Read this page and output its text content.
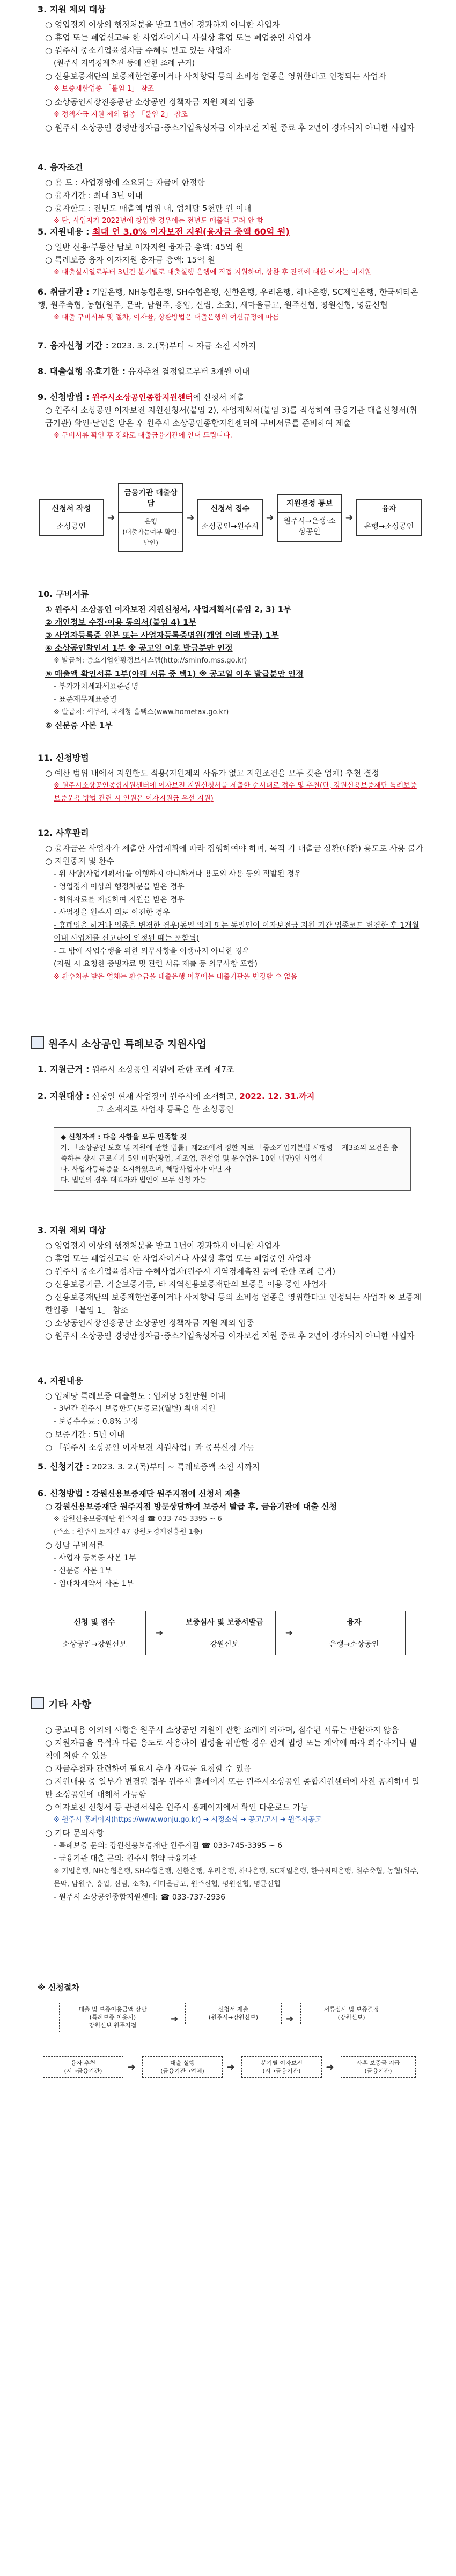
3. 지원 제외 대상
○ 영업정지 이상의 행정처분을 받고 1년이 경과하지 아니한 사업자
○ 휴업 또는 폐업신고를 한 사업자이거나 사실상 휴업 또는 폐업중인 사업자
○ 원주시 중소기업육성자금 수혜를 받고 있는 사업자
(원주시 지역경제촉진 등에 관한 조례 근거)
○ 신용보증재단의 보증제한업종이거나 사치향락 등의 소비성 업종을 영위한다고 인정되는 사업자
※ 보증제한업종 「붙임 1」 참조
○ 소상공인시장진흥공단 소상공인 정책자금 지원 제외 업종
※ 정책자금 지원 제외 업종 「붙임 2」 참조
○ 원주시 소상공인 경영안정자금·중소기업육성자금 이자보전 지원 종료 후 2년이 경과되지 아니한 사업자
4. 융자조건
○ 용 도 : 사업경영에 소요되는 자금에 한정함
○ 융자기간 : 최대 3년 이내
○ 융자한도 : 전년도 매출액 범위 내, 업체당 5천만 원 이내
※ 단, 사업자가 2022년에 창업한 경우에는 전년도 매출액 고려 안 함
5. 지원내용 : 최대 연 3.0% 이자보전 지원(융자금 총액 60억 원)
○ 일반 신용·부동산 담보 이자지원 융자금 총액: 45억 원
○ 특례보증 융자 이자지원 융자금 총액: 15억 원
※ 대출실시일로부터 3년간 분기별로 대출실행 은행에 직접 지원하며, 상환 후 잔액에 대한 이자는 미지원
6. 취급기관 : 기업은행, NH농협은행, SH수협은행, 신한은행, 우리은행, 하나은행, SC제일은행, 한국씨티은행, 원주축협, 농협(원주, 문막, 남원주, 흥업, 신림, 소초), 새마을금고, 원주신협, 평원신협, 명륜신협
※ 대출 구비서류 및 절차, 이자율, 상환방법은 대출은행의 여신규정에 따름
7. 융자신청 기간 : 2023. 3. 2.(목)부터 ~ 자금 소진 시까지
8. 대출실행 유효기한 : 융자추천 결정일로부터 3개월 이내
9. 신청방법 : 원주시소상공인종합지원센터에 신청서 제출
○ 원주시 소상공인 이자보전 지원신청서(붙임 2), 사업계획서(붙임 3)를 작성하여 금융기관 대출신청서(취급기관) 확인·날인을 받은 후 원주시 소상공인종합지원센터에 구비서류를 준비하여 제출
※ 구비서류 확인 후 전화로 대출금융기관에 안내 드립니다.
신청서 작성
소상공인
➜
금융기관 대출상담
은행
(대출가능여부 확인·날인)
➜
신청서 접수
소상공인→원주시
➜
지원결정 통보
원주시→은행·소상공인
➜
융자
은행→소상공인
10. 구비서류
① 원주시 소상공인 이자보전 지원신청서, 사업계획서(붙임 2, 3) 1부
② 개인정보 수집·이용 동의서(붙임 4) 1부
③ 사업자등록증 원본 또는 사업자등록증명원(개업 이래 발급) 1부
④ 소상공인확인서 1부 ※ 공고일 이후 발급분만 인정
※ 발급처: 중소기업현황정보시스템(http://sminfo.mss.go.kr)
⑤ 매출액 확인서류 1부(아래 서류 중 택1) ※ 공고일 이후 발급분만 인정
- 부가가치세과세표준증명
- 표준재무제표증명
※ 발급처: 세무서, 국세청 홈택스(www.hometax.go.kr)
⑥ 신분증 사본 1부
11. 신청방법
○ 예산 범위 내에서 지원한도 적용(지원제외 사유가 없고 지원조건을 모두 갖춘 업체) 추천 결정
※ 원주시소상공인종합지원센터에 이자보전 지원신청서를 제출한 순서대로 접수 및 추천(단, 강원신용보증재단 특례보증 보증운용 방법 관련 시 인원은 이자지원금 우선 지원)
12. 사후관리
○ 융자금은 사업자가 제출한 사업계획에 따라 집행하여야 하며, 목적 기 대출금 상환(대환) 용도로 사용 불가
○ 지원중지 및 환수
- 위 사항(사업계획서)을 이행하지 아니하거나 용도외 사용 등의 적발된 경우
- 영업정지 이상의 행정처분을 받은 경우
- 허위자료를 제출하여 지원을 받은 경우
- 사업장을 원주시 외로 이전한 경우
- 휴폐업을 하거나 업종을 변경한 경우(동일 업체 또는 동일인이 이자보전금 지원 기간 업종코드 변경한 후 1개월 이내 사업체를 신고하여 인정된 때는 포함됨)
- 그 밖에 사업수행을 위한 의무사항을 이행하지 아니한 경우
(지원 시 요청한 증빙자료 및 관련 서류 제출 등 의무사항 포함)
※ 환수처분 받은 업체는 환수금을 대출은행 이후에는 대출기관을 변경할 수 없음
원주시 소상공인 특례보증 지원사업
1. 지원근거 : 원주시 소상공인 지원에 관한 조례 제7조
2. 지원대상 : 신청일 현재 사업장이 원주시에 소재하고, 2022. 12. 31.까지
그 소재지로 사업자 등록을 한 소상공인
◆ 신청자격 : 다음 사항을 모두 만족할 것
가. 「소상공인 보호 및 지원에 관한 법률」제2조에서 정한 자로 「중소기업기본법 시행령」 제3조의 요건을 충족하는 상시 근로자가 5인 미만(광업, 제조업, 건설업 및 운수업은 10인 미만)인 사업자
나. 사업자등록증을 소지하였으며, 해당사업자가 아닌 자
다. 법인의 경우 대표자와 법인이 모두 신청 가능
3. 지원 제외 대상
○ 영업정지 이상의 행정처분을 받고 1년이 경과하지 아니한 사업자
○ 휴업 또는 폐업신고를 한 사업자이거나 사실상 휴업 또는 폐업중인 사업자
○ 원주시 중소기업육성자금 수혜사업자(원주시 지역경제촉진 등에 관한 조례 근거)
○ 신용보증기금, 기술보증기금, 타 지역신용보증재단의 보증을 이용 중인 사업자
○ 신용보증재단의 보증제한업종이거나 사치향락 등의 소비성 업종을 영위한다고 인정되는 사업자 ※ 보증제한업종 「붙임 1」 참조
○ 소상공인시장진흥공단 소상공인 정책자금 지원 제외 업종
○ 원주시 소상공인 경영안정자금·중소기업육성자금 이자보전 지원 종료 후 2년이 경과되지 아니한 사업자
4. 지원내용
○ 업체당 특례보증 대출한도 : 업체당 5천만원 이내
- 3년간 원주시 보증한도(보증료)(월별) 최대 지원
- 보증수수료 : 0.8% 고정
○ 보증기간 : 5년 이내
○ 「원주시 소상공인 이자보전 지원사업」과 중복신청 가능
5. 신청기간 : 2023. 3. 2.(목)부터 ~ 특례보증액 소진 시까지
6. 신청방법 : 강원신용보증재단 원주지점에 신청서 제출
○ 강원신용보증재단 원주지점 방문상담하여 보증서 발급 후, 금융기관에 대출 신청
※ 강원신용보증재단 원주지점 ☎ 033-745-3395 ~ 6
(주소 : 원주시 토지길 47 강원도경제진흥원 1층)
○ 상담 구비서류
- 사업자 등록증 사본 1부
- 신분증 사본 1부
- 임대차계약서 사본 1부
신청 및 접수
소상공인→강원신보
➜
보증심사 및 보증서발급
강원신보
➜
융자
은행→소상공인
기타 사항
○ 공고내용 이외의 사항은 원주시 소상공인 지원에 관한 조례에 의하며, 접수된 서류는 반환하지 않음
○ 지원자금을 목적과 다른 용도로 사용하여 법령을 위반할 경우 관계 법령 또는 계약에 따라 회수하거나 벌칙에 처할 수 있음
○ 자금추천과 관련하여 필요시 추가 자료를 요청할 수 있음
○ 지원내용 중 일부가 변경될 경우 원주시 홈페이지 또는 원주시소상공인 종합지원센터에 사전 공지하며 일반 소상공인에 대해서 가능함
○ 이자보전 신청서 등 관련서식은 원주시 홈페이지에서 확인 다운로드 가능
※ 원주시 홈페이지(https://www.wonju.go.kr) ➜ 시정소식 ➜ 공고/고시 ➜ 원주시공고
○ 기타 문의사항
- 특례보증 문의: 강원신용보증재단 원주지점 ☎ 033-745-3395 ~ 6
- 금융기관 대출 문의: 원주시 협약 금융기관
※ 기업은행, NH농협은행, SH수협은행, 신한은행, 우리은행, 하나은행, SC제일은행, 한국씨티은행, 원주축협, 농협(원주, 문막, 남원주, 흥업, 신림, 소초), 새마을금고, 원주신협, 평원신협, 명륜신협
- 원주시 소상공인종합지원센터: ☎ 033-737-2936
※ 신청절차
대출 및 보증이용금액 상담
(특례보증 이용시)
강원신보 원주지점
➜
신청서 제출
(원주시→강원신보)	➜
서류심사 및 보증결정
(강원신보)
융자 추천
(시→금융기관)	➜	대출 실행
(금융기관→업체)	➜	분기별 이자보전
(시→금융기관)	➜	사후 보증금 지급
(금융기관)
